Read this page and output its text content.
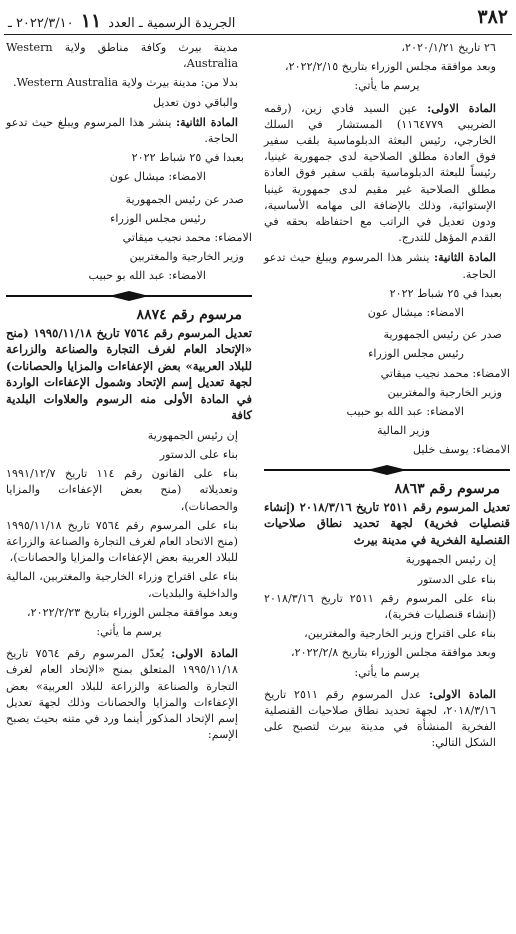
٣٨٢
الجريدة الرسمية ـ العدد ١١ ٢٠٢٢/٣/١٠ ـ

٢٦ تاريخ ٢٠٢٠/١/٢١،

وبعد موافقة مجلس الوزراء بتاريخ ٢٠٢٢/٢/١٥،

يرسم ما يأتي:

المادة الاولى: عين السيد فادي زين، (رقمه الضريبي ١١٦٤٧٧٩) المستشار في السلك الخارجي، رئيس البعثة الدبلوماسية بلقب سفير فوق العادة مطلق الصلاحية لدى جمهورية غينيا، رئيساً للبعثة الدبلوماسية بلقب سفير فوق العادة مطلق الصلاحية غير مقيم لدى جمهورية غينيا الإستوائية، وذلك بالإضافة الى مهامه الأساسية، ودون تعديل في الراتب مع احتفاظه بحقه في القدم المؤهل للتدرج.

المادة الثانية: ينشر هذا المرسوم ويبلغ حيث تدعو الحاجة.

بعبدا في ٢٥ شباط ٢٠٢٢

الامضاء: ميشال عون

صدر عن رئيس الجمهورية

رئيس مجلس الوزراء

الامضاء: محمد نجيب ميقاتي

وزير الخارجية والمغتربين

الامضاء: عبد الله بو حبيب

وزير المالية

الامضاء: يوسف خليل

مرسوم رقم ٨٨٦٣

تعديل المرسوم رقم ٢٥١١ تاريخ ٢٠١٨/٣/١٦ (إنشاء قنصليات فخرية) لجهة تحديد نطاق صلاحيات القنصلية الفخرية في مدينة بيرث

إن رئيس الجمهورية

بناء على الدستور

بناء على المرسوم رقم ٢٥١١ تاريخ ٢٠١٨/٣/١٦ (إنشاء قنصليات فخرية)،

بناء على اقتراح وزير الخارجية والمغتربين،

وبعد موافقة مجلس الوزراء بتاريخ ٢٠٢٢/٢/٨،

يرسم ما يأتي:

المادة الاولى: عدل المرسوم رقم ٢٥١١ تاريخ ٢٠١٨/٣/١٦، لجهة تحديد نطاق صلاحيات القنصلية الفخرية المنشأة في مدينة بيرث لتصبح على الشكل التالي:

مدينة بيرث وكافة مناطق ولاية Western Australia،

بدلا من: مدينة بيرث ولاية Western Australia.

والباقي دون تعديل

المادة الثانية: ينشر هذا المرسوم ويبلغ حيث تدعو الحاجة.

بعبدا في ٢٥ شباط ٢٠٢٢

الامضاء: ميشال عون

صدر عن رئيس الجمهورية

رئيس مجلس الوزراء

الامضاء: محمد نجيب ميقاتي

وزير الخارجية والمغتربين

الامضاء: عبد الله بو حبيب

مرسوم رقم ٨٨٧٤

تعديل المرسوم رقم ٧٥٦٤ تاريخ ١٩٩٥/١١/١٨ (منح «الإتحاد العام لغرف التجارة والصناعة والزراعة للبلاد العربية» بعض الإعفاءات والمزايا والحصانات) لجهة تعديل إسم الإتحاد وشمول الإعفاءات الواردة في المادة الأولى منه الرسوم والعلاوات البلدية كافة

إن رئيس الجمهورية

بناء على الدستور

بناء على القانون رقم ١١٤ تاريخ ١٩٩١/١٢/٧ وتعديلاته (منح بعض الإعفاءات والمزايا والحصانات)،

بناء على المرسوم رقم ٧٥٦٤ تاريخ ١٩٩٥/١١/١٨ (منح الاتحاد العام لغرف التجارة والصناعة والزراعة للبلاد العربية بعض الإعفاءات والمزايا والحصانات)،

بناء على اقتراح وزراء الخارجية والمغتربين، المالية والداخلية والبلديات،

وبعد موافقة مجلس الوزراء بتاريخ ٢٠٢٢/٢/٢٣،

يرسم ما يأتي:

المادة الاولى: يُعدّل المرسوم رقم ٧٥٦٤ تاريخ ١٩٩٥/١١/١٨ المتعلق بمنح «الإتحاد العام لغرف التجارة والصناعة والزراعة للبلاد العربية» بعض الإعفاءات والمزايا والحصانات وذلك لجهة تعديل إسم الإتحاد المذكور أينما ورد في متنه بحيث يصبح الإسم:
